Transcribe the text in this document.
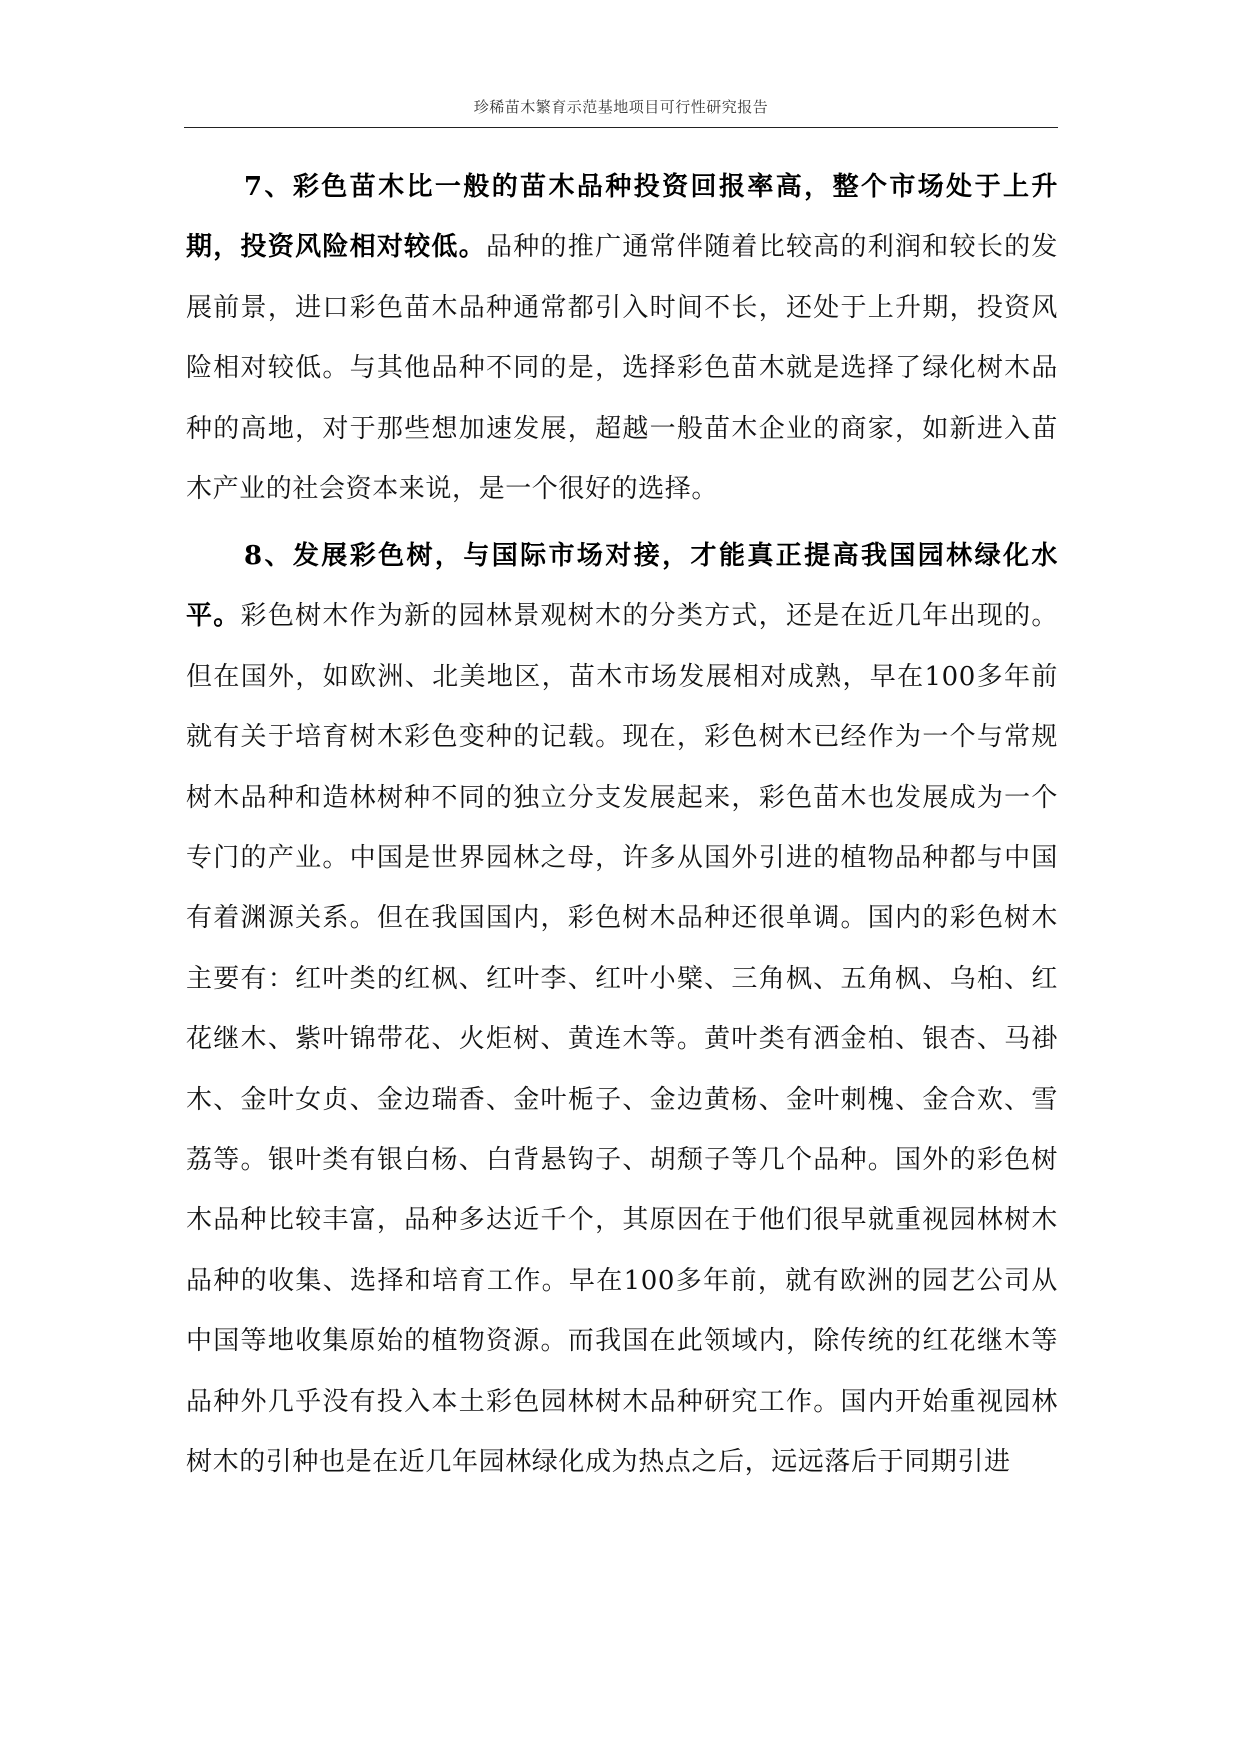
珍稀苗木繁育示范基地项目可行性研究报告

7、彩色苗木比一般的苗木品种投资回报率高，整个市场处于上升期，投资风险相对较低。品种的推广通常伴随着比较高的利润和较长的发展前景，进口彩色苗木品种通常都引入时间不长，还处于上升期，投资风险相对较低。与其他品种不同的是，选择彩色苗木就是选择了绿化树木品种的高地，对于那些想加速发展，超越一般苗木企业的商家，如新进入苗木产业的社会资本来说，是一个很好的选择。

8、发展彩色树，与国际市场对接，才能真正提高我国园林绿化水平。彩色树木作为新的园林景观树木的分类方式，还是在近几年出现的。但在国外，如欧洲、北美地区，苗木市场发展相对成熟，早在100多年前就有关于培育树木彩色变种的记载。现在，彩色树木已经作为一个与常规树木品种和造林树种不同的独立分支发展起来，彩色苗木也发展成为一个专门的产业。中国是世界园林之母，许多从国外引进的植物品种都与中国有着渊源关系。但在我国国内，彩色树木品种还很单调。国内的彩色树木主要有：红叶类的红枫、红叶李、红叶小檗、三角枫、五角枫、乌桕、红花继木、紫叶锦带花、火炬树、黄连木等。黄叶类有洒金柏、银杏、马褂木、金叶女贞、金边瑞香、金叶栀子、金边黄杨、金叶刺槐、金合欢、雪荔等。银叶类有银白杨、白背悬钩子、胡颓子等几个品种。国外的彩色树木品种比较丰富，品种多达近千个，其原因在于他们很早就重视园林树木品种的收集、选择和培育工作。早在100多年前，就有欧洲的园艺公司从中国等地收集原始的植物资源。而我国在此领域内，除传统的红花继木等品种外几乎没有投入本土彩色园林树木品种研究工作。国内开始重视园林树木的引种也是在近几年园林绿化成为热点之后，远远落后于同期引进
